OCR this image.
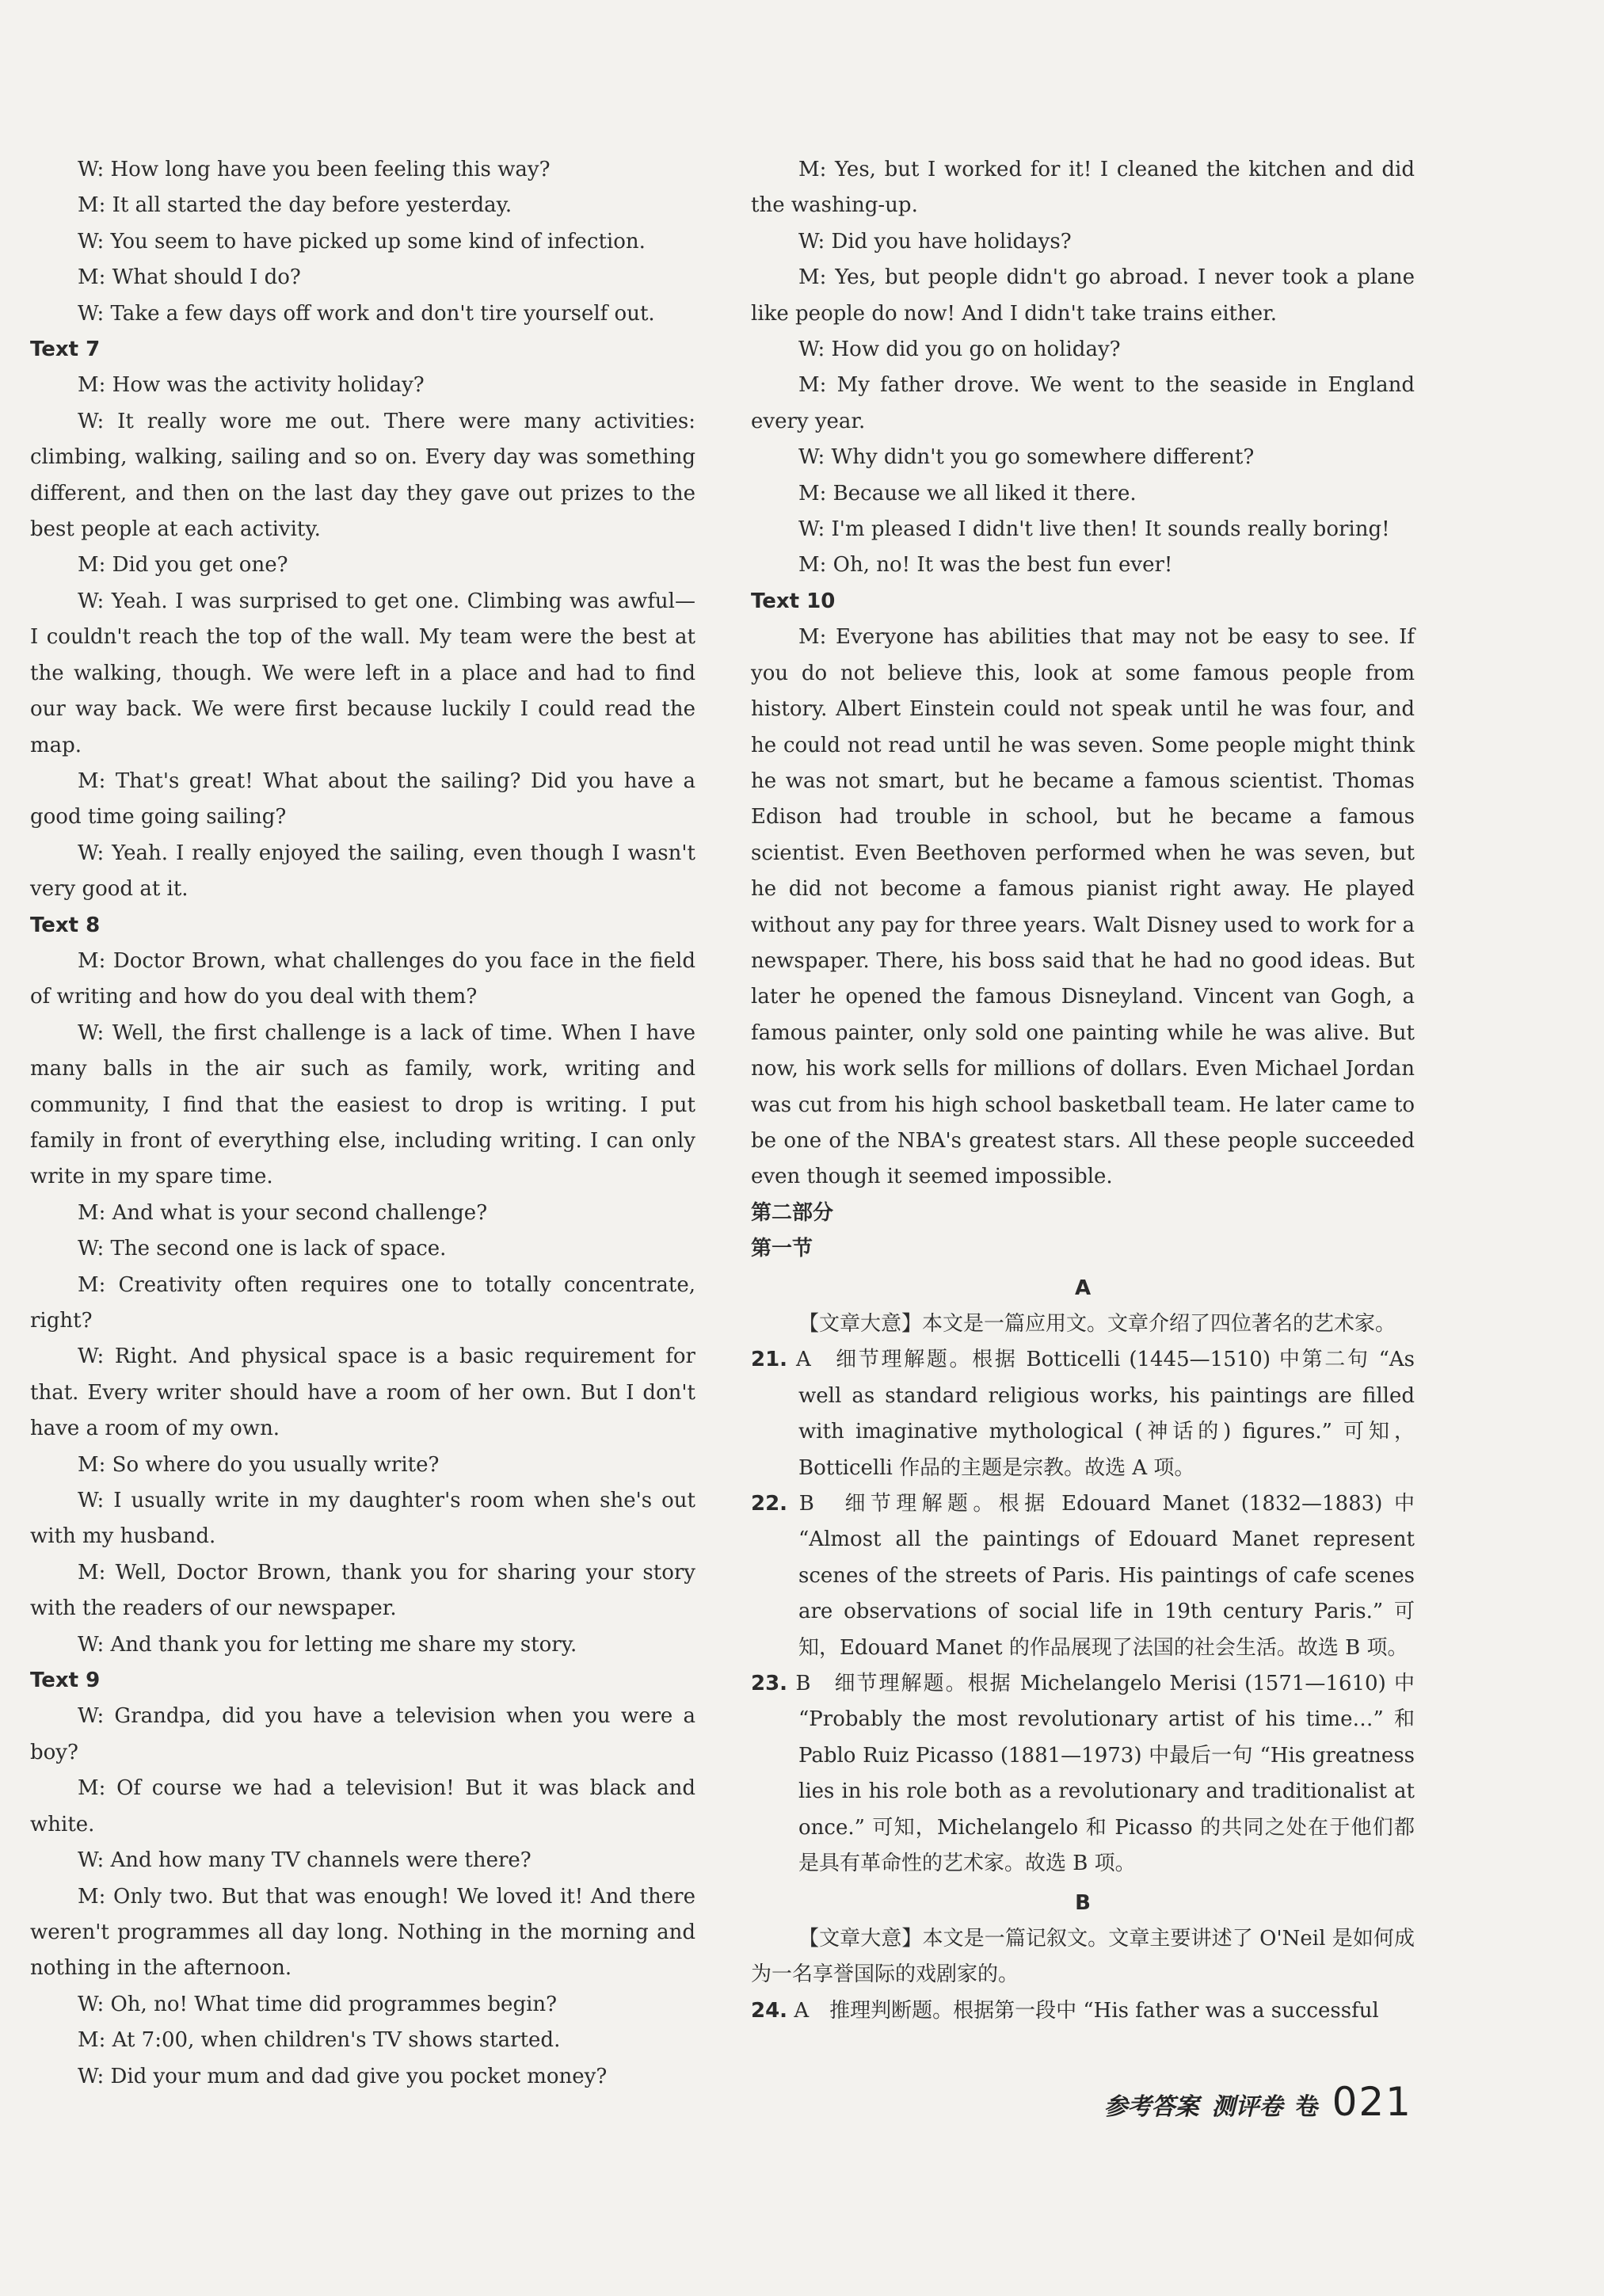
W: How long have you been feeling this way?

M: It all started the day before yesterday.

W: You seem to have picked up some kind of infection.

M: What should I do?

W: Take a few days off work and don't tire yourself out.

Text 7

M: How was the activity holiday?

W: It really wore me out. There were many activities: climbing, walking, sailing and so on. Every day was something different, and then on the last day they gave out prizes to the best people at each activity.

M: Did you get one?

W: Yeah. I was surprised to get one. Climbing was awful— I couldn't reach the top of the wall. My team were the best at the walking, though. We were left in a place and had to find our way back. We were first because luckily I could read the map.

M: That's great! What about the sailing? Did you have a good time going sailing?

W: Yeah. I really enjoyed the sailing, even though I wasn't very good at it.

Text 8

M: Doctor Brown, what challenges do you face in the field of writing and how do you deal with them?

W: Well, the first challenge is a lack of time. When I have many balls in the air such as family, work, writing and community, I find that the easiest to drop is writing. I put family in front of everything else, including writing. I can only write in my spare time.

M: And what is your second challenge?

W: The second one is lack of space.

M: Creativity often requires one to totally concentrate, right?

W: Right. And physical space is a basic requirement for that. Every writer should have a room of her own. But I don't have a room of my own.

M: So where do you usually write?

W: I usually write in my daughter's room when she's out with my husband.

M: Well, Doctor Brown, thank you for sharing your story with the readers of our newspaper.

W: And thank you for letting me share my story.

Text 9

W: Grandpa, did you have a television when you were a boy?

M: Of course we had a television! But it was black and white.

W: And how many TV channels were there?

M: Only two. But that was enough! We loved it! And there weren't programmes all day long. Nothing in the morning and nothing in the afternoon.

W: Oh, no! What time did programmes begin?

M: At 7:00, when children's TV shows started.

W: Did your mum and dad give you pocket money?

M: Yes, but I worked for it! I cleaned the kitchen and did the washing-up.

W: Did you have holidays?

M: Yes, but people didn't go abroad. I never took a plane like people do now! And I didn't take trains either.

W: How did you go on holiday?

M: My father drove. We went to the seaside in England every year.

W: Why didn't you go somewhere different?

M: Because we all liked it there.

W: I'm pleased I didn't live then! It sounds really boring!

M: Oh, no! It was the best fun ever!

Text 10

M: Everyone has abilities that may not be easy to see. If you do not believe this, look at some famous people from history. Albert Einstein could not speak until he was four, and he could not read until he was seven. Some people might think he was not smart, but he became a famous scientist. Thomas Edison had trouble in school, but he became a famous scientist. Even Beethoven performed when he was seven, but he did not become a famous pianist right away. He played without any pay for three years. Walt Disney used to work for a newspaper. There, his boss said that he had no good ideas. But later he opened the famous Disneyland. Vincent van Gogh, a famous painter, only sold one painting while he was alive. But now, his work sells for millions of dollars. Even Michael Jordan was cut from his high school basketball team. He later came to be one of the NBA's greatest stars. All these people succeeded even though it seemed impossible.

第二部分

第一节

A

【文章大意】本文是一篇应用文。文章介绍了四位著名的艺术家。

21. A　细节理解题。根据 Botticelli (1445—1510) 中第二句 “As well as standard religious works, his paintings are filled with imaginative mythological (神话的) figures.” 可知，Botticelli 作品的主题是宗教。故选 A 项。

22. B　细节理解题。根据 Edouard Manet (1832—1883) 中 “Almost all the paintings of Edouard Manet represent scenes of the streets of Paris. His paintings of cafe scenes are observations of social life in 19th century Paris.” 可知，Edouard Manet 的作品展现了法国的社会生活。故选 B 项。

23. B　细节理解题。根据 Michelangelo Merisi (1571—1610) 中 “Probably the most revolutionary artist of his time…” 和 Pablo Ruiz Picasso (1881—1973) 中最后一句 “His greatness lies in his role both as a revolutionary and traditionalist at once.” 可知，Michelangelo 和 Picasso 的共同之处在于他们都是具有革命性的艺术家。故选 B 项。

B

【文章大意】本文是一篇记叙文。文章主要讲述了 O'Neil 是如何成为一名享誉国际的戏剧家的。

24. A　推理判断题。根据第一段中 “His father was a successful

参考答案 测评卷 卷 021
